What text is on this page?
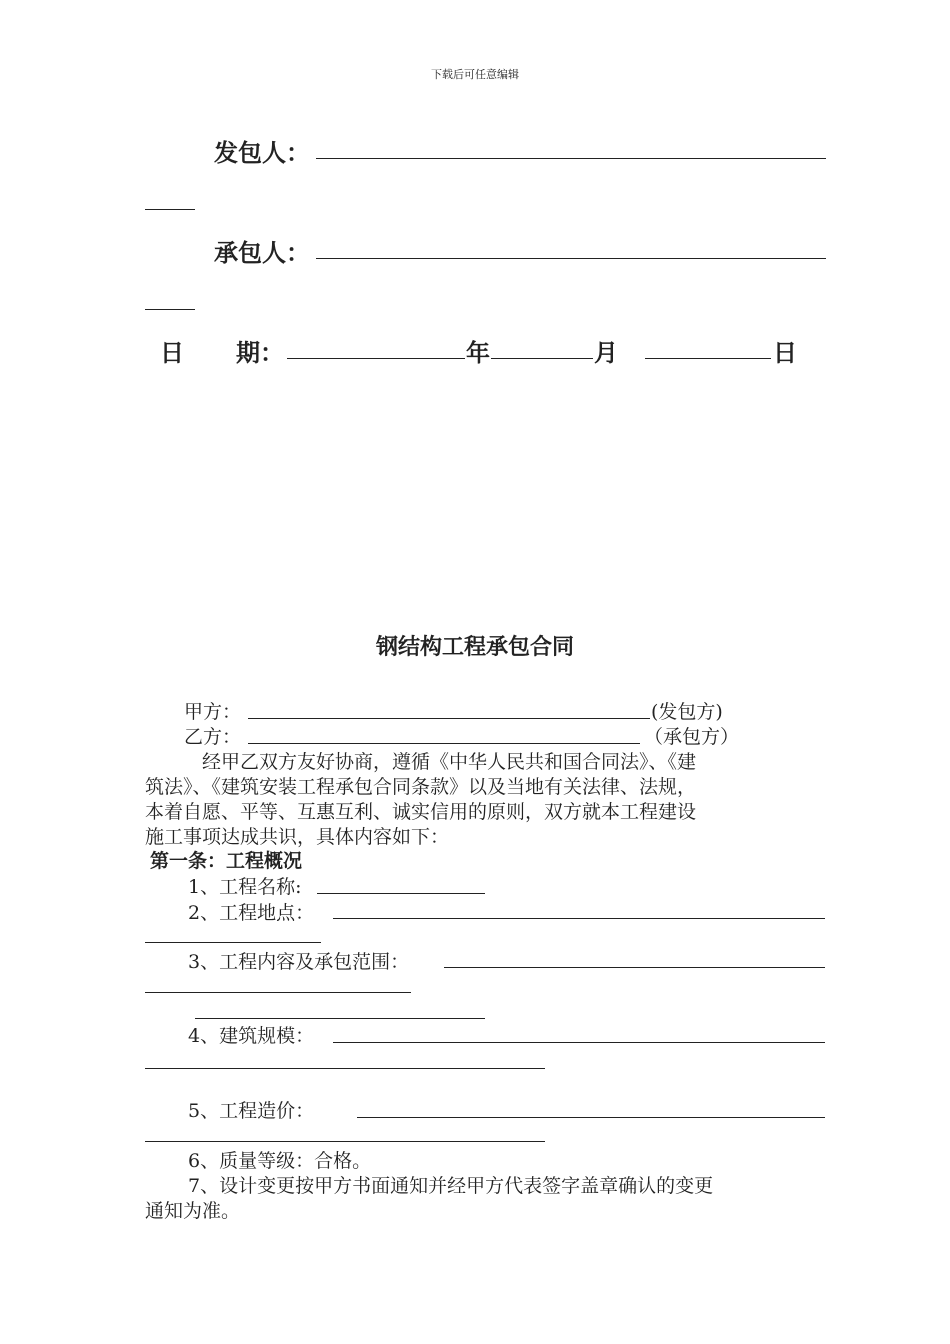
下载后可任意编辑
发包人：
承包人：
日 期：	年	月	日
钢结构工程承包合同
甲方：	(发包方)
乙方：	（承包方）
经甲乙双方友好协商，遵循《中华人民共和国合同法》、《建
筑法》、《建筑安装工程承包合同条款》以及当地有关法律、法规，
本着自愿、平等、互惠互利、诚实信用的原则，双方就本工程建设
施工事项达成共识，具体内容如下：
第一条：工程概况
1、工程名称:
2、工程地点：
3、工程内容及承包范围：
4、建筑规模：
5、工程造价：
6、质量等级：合格。
7、设计变更按甲方书面通知并经甲方代表签字盖章确认的变更
通知为准。
